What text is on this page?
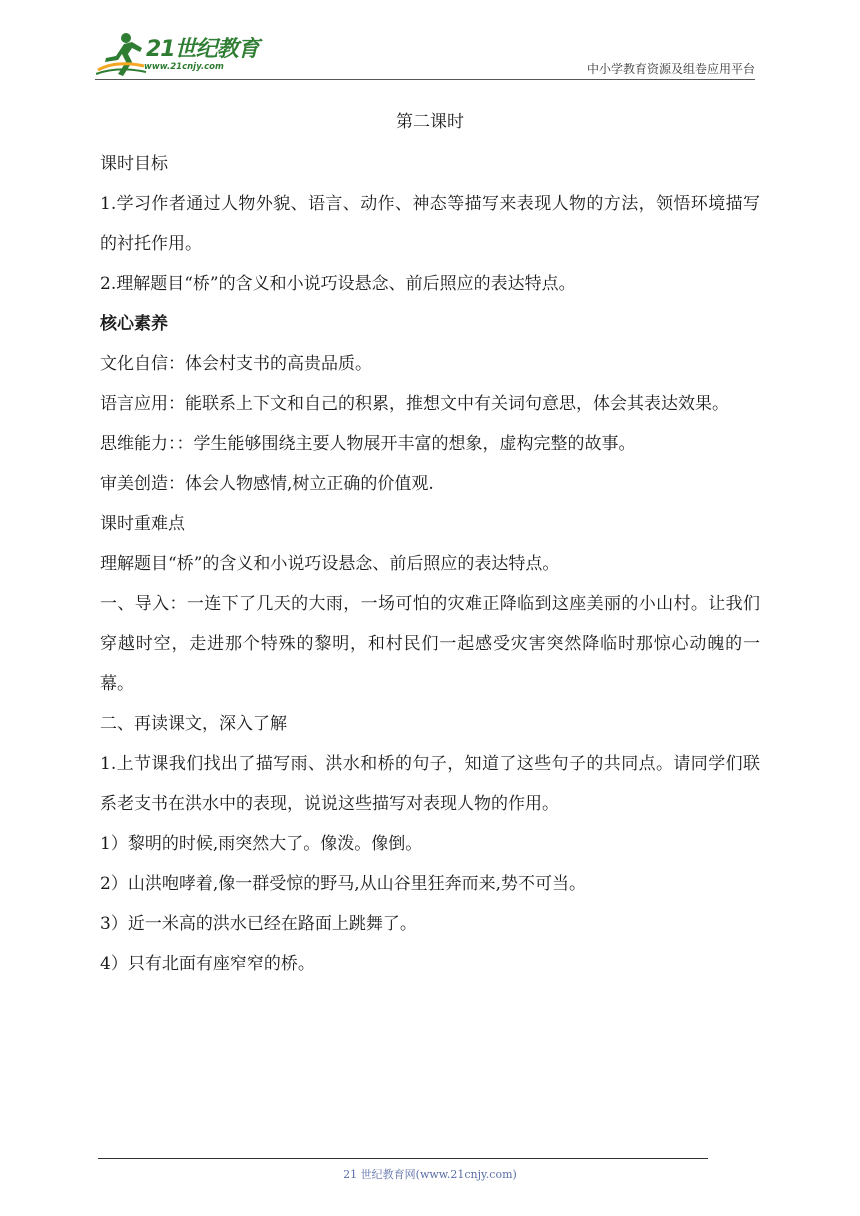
21世纪教育
www.21cnjy.com	中小学教育资源及组卷应用平台
第二课时

课时目标

1.学习作者通过人物外貌、语言、动作、神态等描写来表现人物的方法，领悟环境描写的衬托作用。

2.理解题目“桥”的含义和小说巧设悬念、前后照应的表达特点。

核心素养

文化自信：体会村支书的高贵品质。

语言应用：能联系上下文和自己的积累，推想文中有关词句意思，体会其表达效果。

思维能力：：学生能够围绕主要人物展开丰富的想象，虚构完整的故事。

审美创造：体会人物感情,树立正确的价值观.

课时重难点

理解题目“桥”的含义和小说巧设悬念、前后照应的表达特点。

一、导入：一连下了几天的大雨，一场可怕的灾难正降临到这座美丽的小山村。让我们穿越时空，走进那个特殊的黎明，和村民们一起感受灾害突然降临时那惊心动魄的一幕。

二、再读课文，深入了解

1.上节课我们找出了描写雨、洪水和桥的句子，知道了这些句子的共同点。请同学们联系老支书在洪水中的表现，说说这些描写对表现人物的作用。

1）黎明的时候,雨突然大了。像泼。像倒。

2）山洪咆哮着,像一群受惊的野马,从山谷里狂奔而来,势不可当。

3）近一米高的洪水已经在路面上跳舞了。

4）只有北面有座窄窄的桥。

21 世纪教育网(www.21cnjy.com)
